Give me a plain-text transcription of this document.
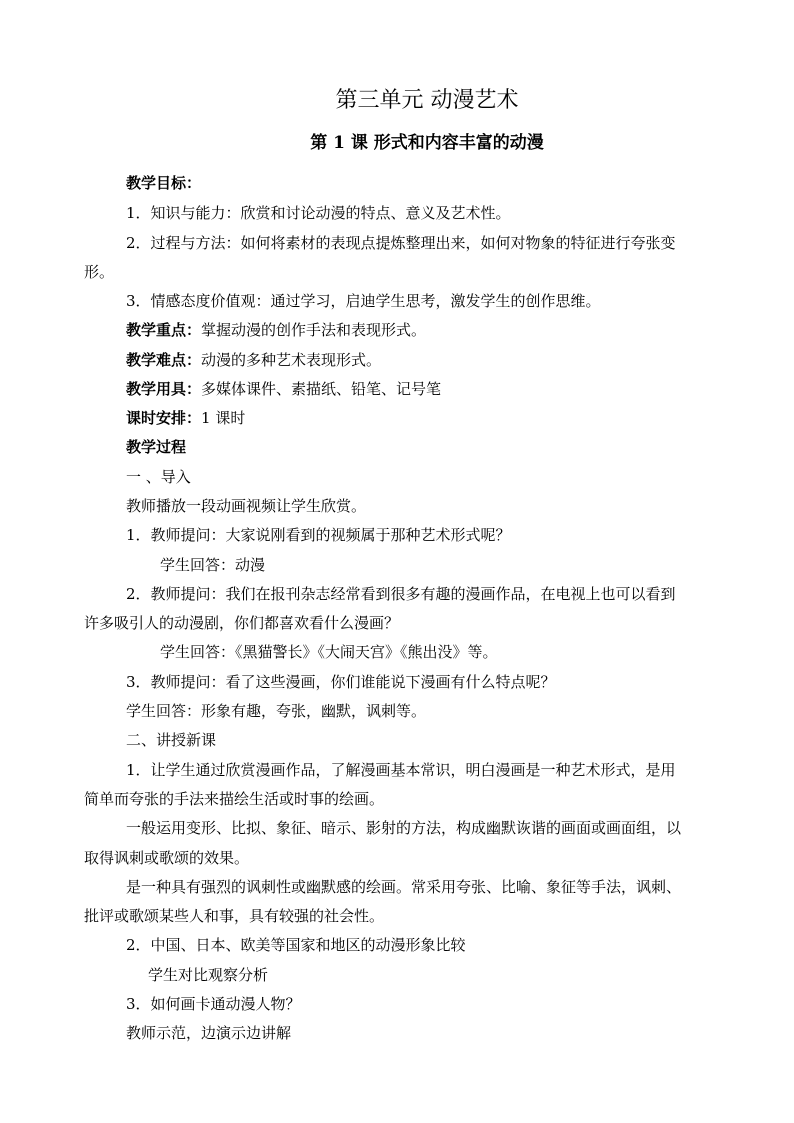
第三单元 动漫艺术
第 1 课 形式和内容丰富的动漫
教学目标：
1．知识与能力：欣赏和讨论动漫的特点、意义及艺术性。
2．过程与方法：如何将素材的表现点提炼整理出来，如何对物象的特征进行夸张变
形。
3．情感态度价值观：通过学习，启迪学生思考，激发学生的创作思维。
教学重点：掌握动漫的创作手法和表现形式。
教学难点：动漫的多种艺术表现形式。
教学用具：多媒体课件、素描纸、铅笔、记号笔
课时安排：1 课时
教学过程
一 、导入
教师播放一段动画视频让学生欣赏。
1．教师提问：大家说刚看到的视频属于那种艺术形式呢？
学生回答：动漫
2．教师提问：我们在报刊杂志经常看到很多有趣的漫画作品，在电视上也可以看到
许多吸引人的动漫剧，你们都喜欢看什么漫画？
学生回答：《黑猫警长》《大闹天宫》《熊出没》等。
3．教师提问：看了这些漫画，你们谁能说下漫画有什么特点呢？
学生回答：形象有趣，夸张，幽默，讽刺等。
二、讲授新课
1．让学生通过欣赏漫画作品，了解漫画基本常识，明白漫画是一种艺术形式，是用
简单而夸张的手法来描绘生活或时事的绘画。
一般运用变形、比拟、象征、暗示、影射的方法，构成幽默诙谐的画面或画面组，以
取得讽刺或歌颂的效果。
是一种具有强烈的讽刺性或幽默感的绘画。常采用夸张、比喻、象征等手法，讽刺、
批评或歌颂某些人和事，具有较强的社会性。
2．中国、日本、欧美等国家和地区的动漫形象比较
学生对比观察分析
3．如何画卡通动漫人物？
教师示范，边演示边讲解
